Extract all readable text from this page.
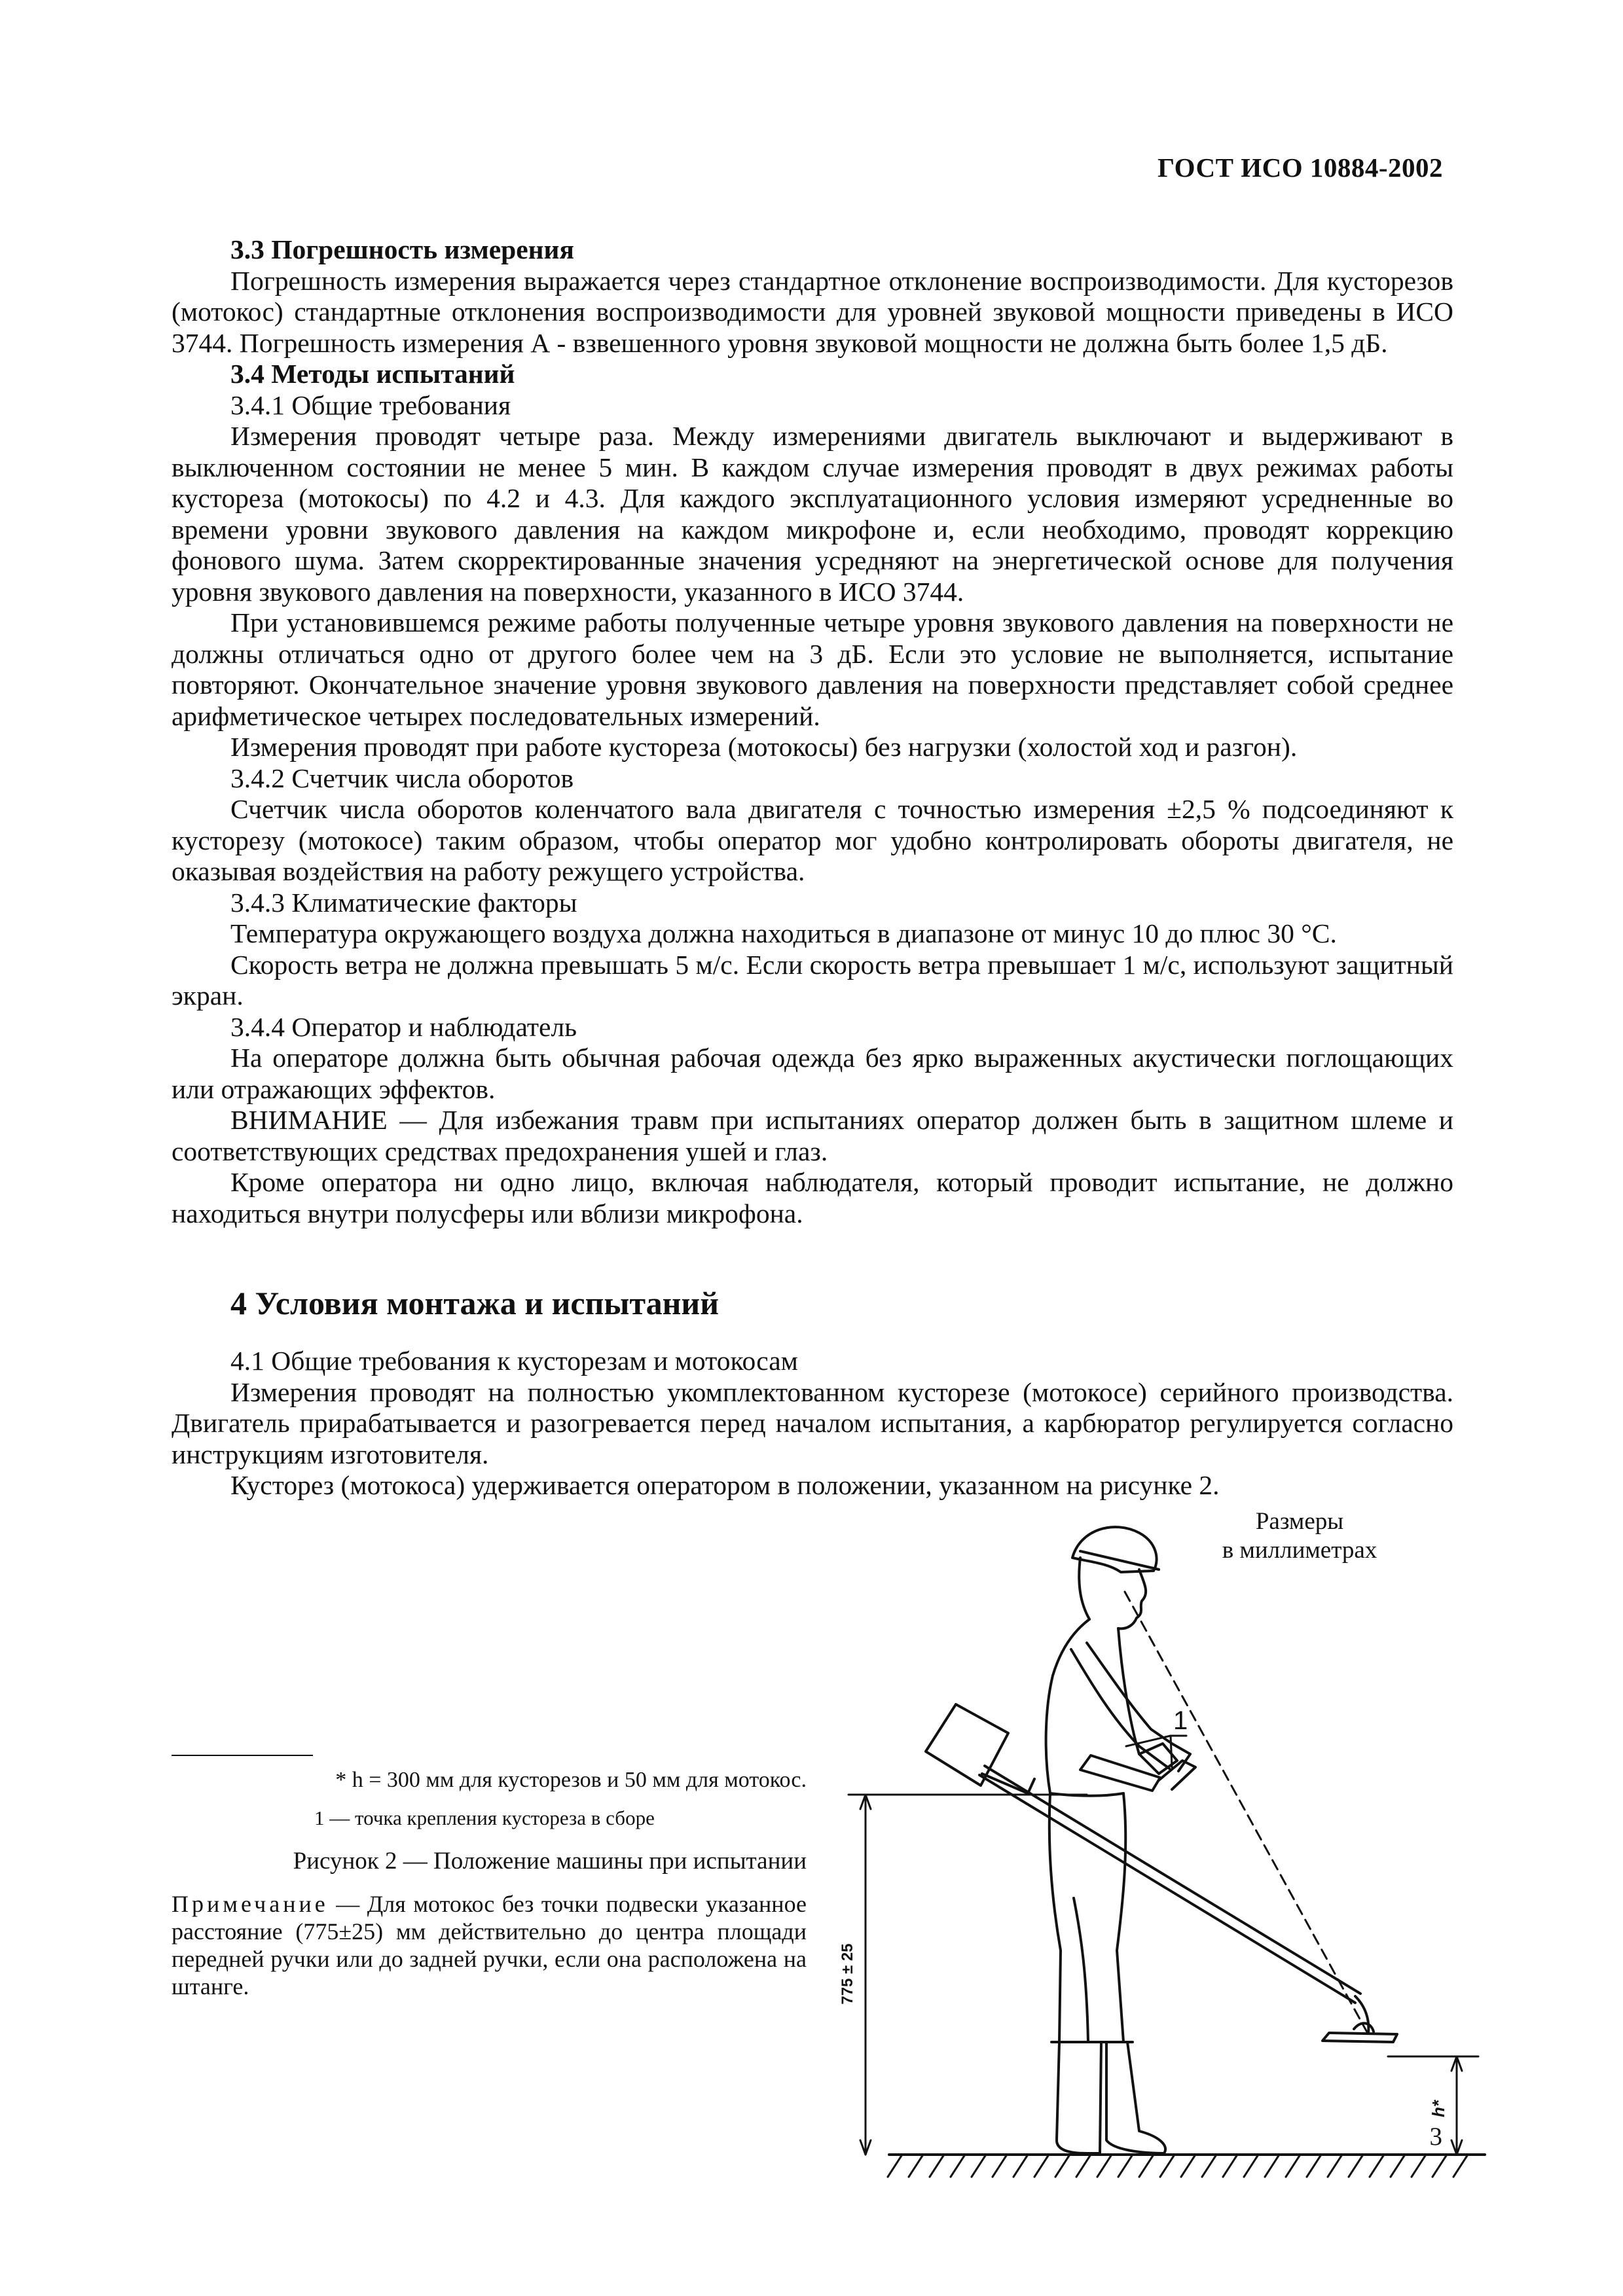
ГОСТ ИСО 10884-2002

3.3 Погрешность измерения

Погрешность измерения выражается через стандартное отклонение воспроизводимости. Для кусторезов (мотокос) стандартные отклонения воспроизводимости для уровней звуковой мощности приведены в ИСО 3744. Погрешность измерения А - взвешенного уровня звуковой мощности не должна быть более 1,5 дБ.

3.4 Методы испытаний

3.4.1 Общие требования

Измерения проводят четыре раза. Между измерениями двигатель выключают и выдерживают в выключенном состоянии не менее 5 мин. В каждом случае измерения проводят в двух режимах работы кустореза (мотокосы) по 4.2 и 4.3. Для каждого эксплуатационного условия измеряют усредненные во времени уровни звукового давления на каждом микрофоне и, если необходимо, проводят коррекцию фонового шума. Затем скорректированные значения усредняют на энергетической основе для получения уровня звукового давления на поверхности, указанного в ИСО 3744.

При установившемся режиме работы полученные четыре уровня звукового давления на поверхности не должны отличаться одно от другого более чем на 3 дБ. Если это условие не выполняется, испытание повторяют. Окончательное значение уровня звукового давления на поверхности представляет собой среднее арифметическое четырех последовательных измерений.

Измерения проводят при работе кустореза (мотокосы) без нагрузки (холостой ход и разгон).

3.4.2 Счетчик числа оборотов

Счетчик числа оборотов коленчатого вала двигателя с точностью измерения ±2,5 % подсоединяют к кусторезу (мотокосе) таким образом, чтобы оператор мог удобно контролировать обороты двигателя, не оказывая воздействия на работу режущего устройства.

3.4.3 Климатические факторы

Температура окружающего воздуха должна находиться в диапазоне от минус 10 до плюс 30 °С.

Скорость ветра не должна превышать 5 м/с. Если скорость ветра превышает 1 м/с, используют защитный экран.

3.4.4 Оператор и наблюдатель

На операторе должна быть обычная рабочая одежда без ярко выраженных акустически поглощающих или отражающих эффектов.

ВНИМАНИЕ — Для избежания травм при испытаниях оператор должен быть в защитном шлеме и соответствующих средствах предохранения ушей и глаз.

Кроме оператора ни одно лицо, включая наблюдателя, который проводит испытание, не должно находиться внутри полусферы или вблизи микрофона.

4 Условия монтажа и испытаний

4.1 Общие требования к кусторезам и мотокосам

Измерения проводят на полностью укомплектованном кусторезе (мотокосе) серийного производства. Двигатель прирабатывается и разогревается перед началом испытания, а карбюратор регулируется согласно инструкциям изготовителя.

Кусторез (мотокоса) удерживается оператором в положении, указанном на рисунке 2.

Размеры
в миллиметрах
1
775 ± 25
h*
* h = 300 мм для кусторезов и 50 мм для мотокос.
1 — точка крепления кустореза в сборе
Рисунок 2 — Положение машины при испытании
Примечание — Для мотокос без точки подвески указанное расстояние (775±25) мм действительно до центра площади передней ручки или до задней ручки, если она расположена на штанге.
3
